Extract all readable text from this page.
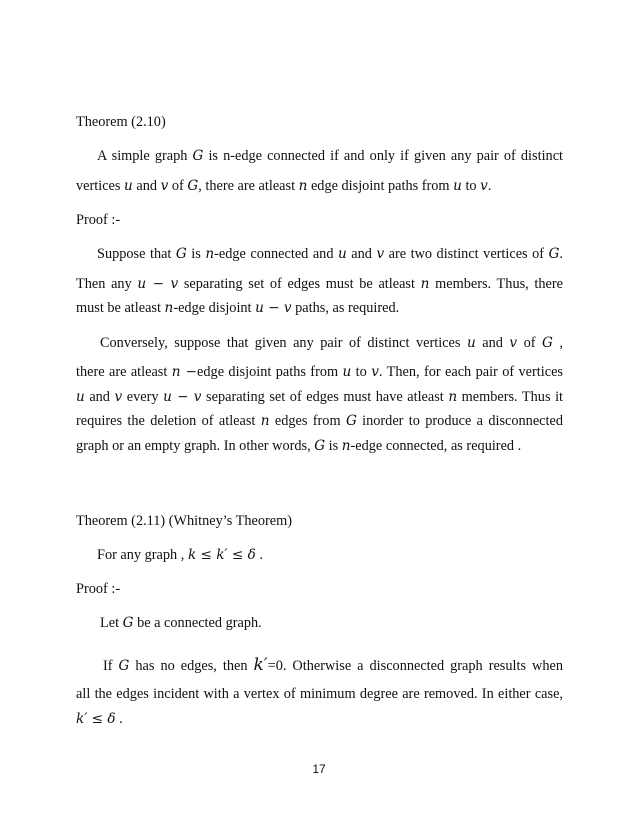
Theorem (2.10)
A simple graph G is n-edge connected if and only if given any pair of distinct
vertices u and v of G, there are atleast n edge disjoint paths from u to v.
Proof :-
Suppose that G is n-edge connected and u and v are two distinct vertices of G.
Then any u − v separating set of edges must be atleast n members. Thus, there
must be atleast n-edge disjoint u − v paths, as required.
Conversely, suppose that given any pair of distinct vertices u and v of G ,
there are atleast n −edge disjoint paths from u to v. Then, for each pair of vertices
u and v every u − v separating set of edges must have atleast n members. Thus it
requires the deletion of atleast n edges from G inorder to produce a disconnected
graph or an empty graph. In other words, G is n-edge connected, as required .
Theorem (2.11) (Whitney’s Theorem)
For any graph , k ≤ k′ ≤ δ .
Proof :-
Let G be a connected graph.
If G has no edges, then k′=0. Otherwise a disconnected graph results when
all the edges incident with a vertex of minimum degree are removed. In either case,
k′ ≤ δ .
17
